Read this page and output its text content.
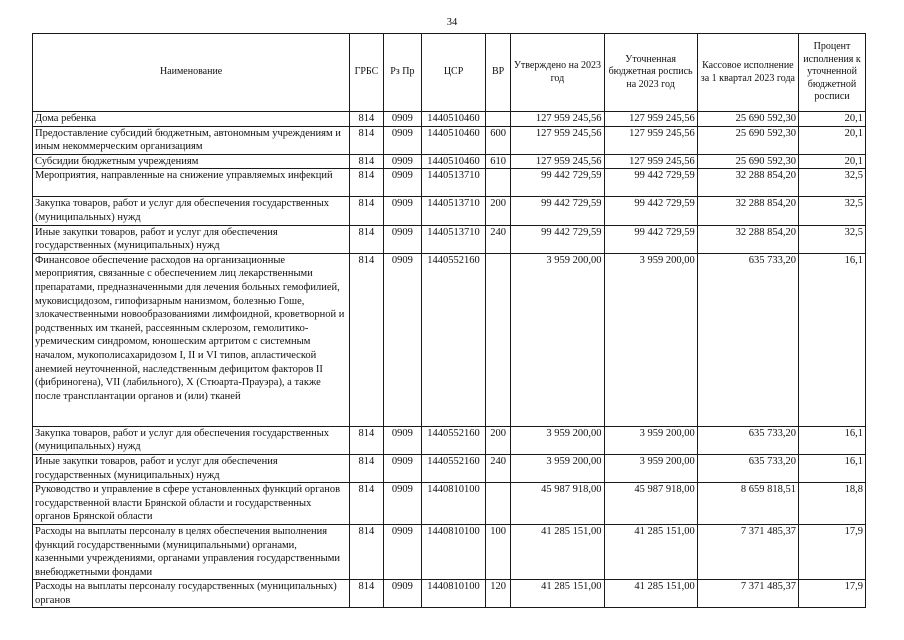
34
Наименование	ГРБС	Рз Пр	ЦСР	ВР	Утверждено на 2023 год	Уточненная бюджетная роспись на 2023 год	Кассовое исполнение за 1 квартал 2023 года	Процент исполнения к уточненной бюджетной росписи
Дома ребенка	814	0909	1440510460		127 959 245,56	127 959 245,56	25 690 592,30	20,1
Предоставление субсидий бюджетным, автономным учреждениям и иным некоммерческим организациям	814	0909	1440510460	600	127 959 245,56	127 959 245,56	25 690 592,30	20,1
Субсидии бюджетным учреждениям	814	0909	1440510460	610	127 959 245,56	127 959 245,56	25 690 592,30	20,1
Мероприятия, направленные на снижение управляемых инфекций	814	0909	1440513710		99 442 729,59	99 442 729,59	32 288 854,20	32,5
Закупка товаров, работ и услуг для обеспечения государственных (муниципальных) нужд	814	0909	1440513710	200	99 442 729,59	99 442 729,59	32 288 854,20	32,5
Иные закупки товаров, работ и услуг для обеспечения государственных (муниципальных) нужд	814	0909	1440513710	240	99 442 729,59	99 442 729,59	32 288 854,20	32,5
Финансовое обеспечение расходов на организационные мероприятия, связанные с обеспечением лиц лекарственными препаратами, предназначенными для лечения больных гемофилией, муковисцидозом, гипофизарным нанизмом, болезнью Гоше, злокачественными новообразованиями лимфоидной, кроветворной и родственных им тканей, рассеянным склерозом, гемолитико-уремическим синдромом, юношеским артритом с системным началом, мукополисахаридозом I, II и VI типов, апластической анемией неуточненной, наследственным дефицитом факторов II (фибриногена), VII (лабильного), X (Стюарта-Прауэра), а также после трансплантации органов и (или) тканей	814	0909	1440552160		3 959 200,00	3 959 200,00	635 733,20	16,1
Закупка товаров, работ и услуг для обеспечения государственных (муниципальных) нужд	814	0909	1440552160	200	3 959 200,00	3 959 200,00	635 733,20	16,1
Иные закупки товаров, работ и услуг для обеспечения государственных (муниципальных) нужд	814	0909	1440552160	240	3 959 200,00	3 959 200,00	635 733,20	16,1
Руководство и управление в сфере установленных функций органов государственной власти Брянской области и государственных органов Брянской области	814	0909	1440810100		45 987 918,00	45 987 918,00	8 659 818,51	18,8
Расходы на выплаты персоналу в целях обеспечения выполнения функций государственными (муниципальными) органами, казенными учреждениями, органами управления государственными внебюджетными фондами	814	0909	1440810100	100	41 285 151,00	41 285 151,00	7 371 485,37	17,9
Расходы на выплаты персоналу государственных (муниципальных) органов	814	0909	1440810100	120	41 285 151,00	41 285 151,00	7 371 485,37	17,9
